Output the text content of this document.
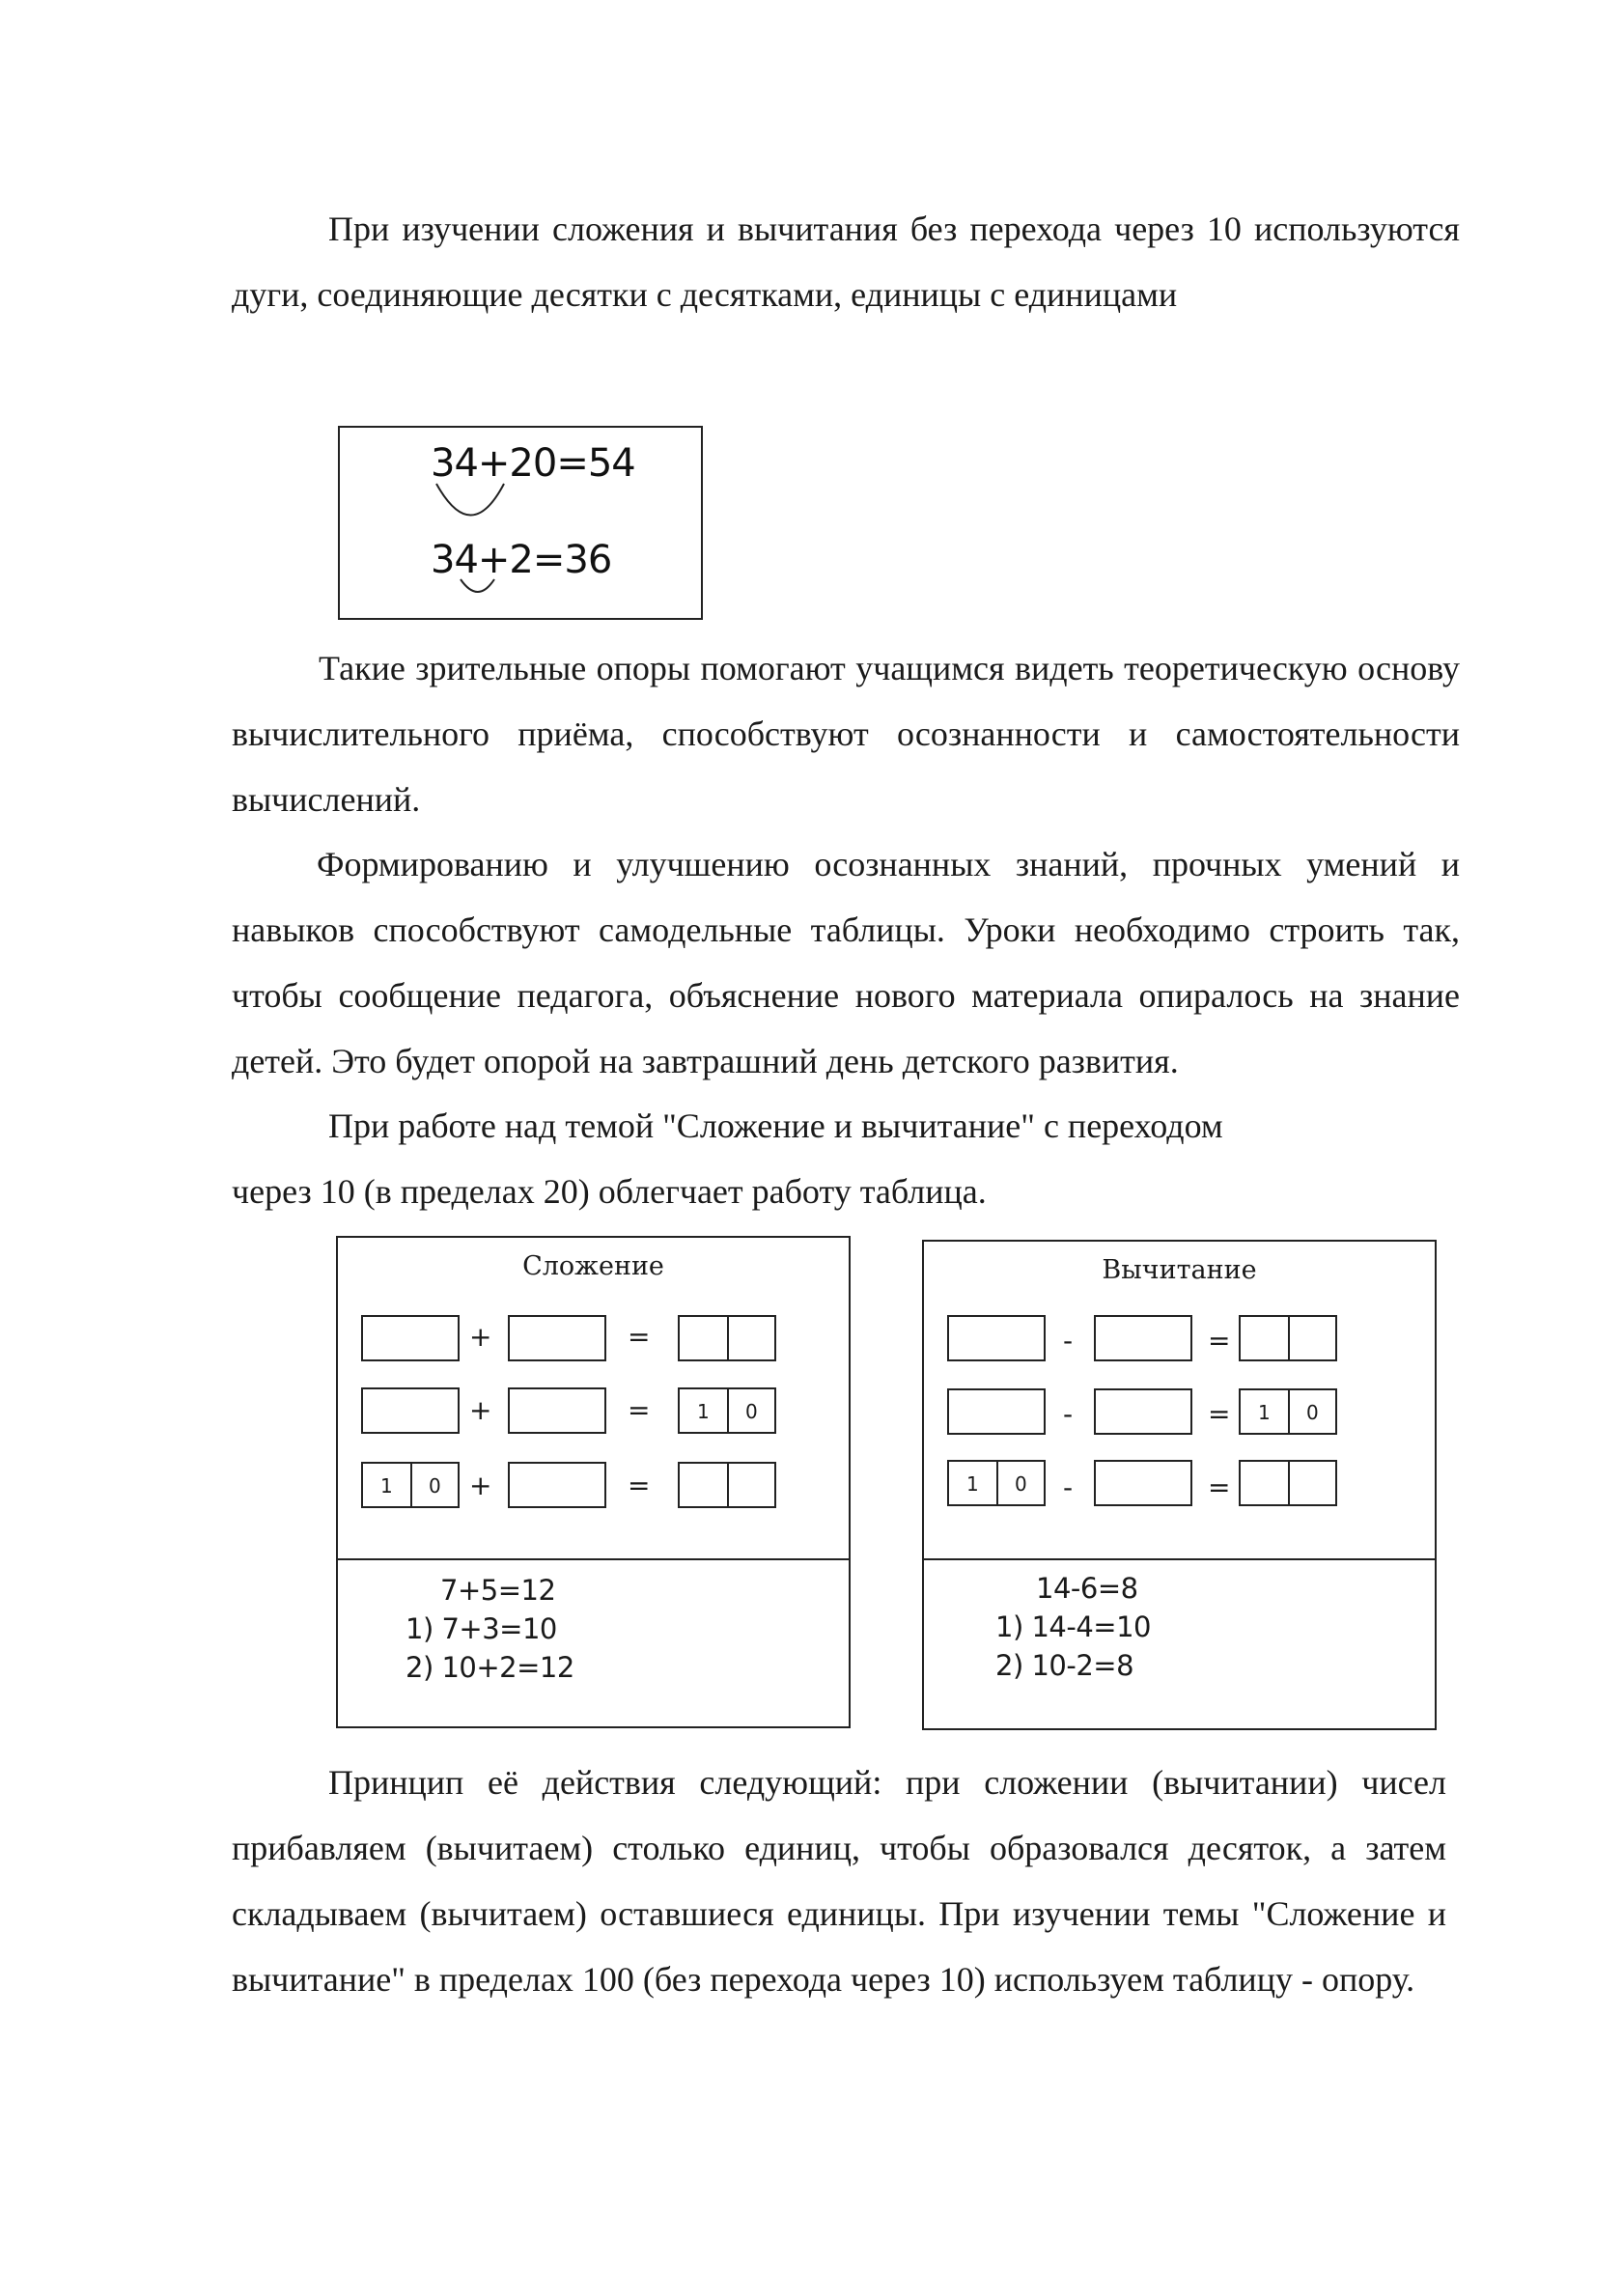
При изучении сложения и вычитания без перехода через 10 используются дуги, соединяющие десятки с десятками, единицы с единицами

34+20=54
34+2=36

Такие зрительные опоры помогают учащимся видеть теоретическую основу вычислительного приёма, способствуют осознанности и самостоятельности вычислений.

Формированию и улучшению осознанных знаний, прочных умений и навыков способствуют самодельные таблицы. Уроки необходимо строить так, чтобы сообщение педагога, объяснение нового материала опиралось на знание детей. Это будет опорой на завтрашний день детского развития.

При работе над темой "Сложение и вычитание" с переходом
через 10 (в пределах 20) облегчает работу таблица.

Сложение
+	=
+	= 1 0
1 0 +	=
7+5=12
1) 7+3=10
2) 10+2=12
Вычитание
-	=
-	= 1 0
1 0 -	=
14-6=8
1) 14-4=10
2) 10-2=8

Принцип её действия следующий: при сложении (вычитании) чисел прибавляем (вычитаем) столько единиц, чтобы образовался десяток, а затем складываем (вычитаем) оставшиеся единицы. При изучении темы "Сложение и вычитание" в пределах 100 (без перехода через 10) используем таблицу - опору.
